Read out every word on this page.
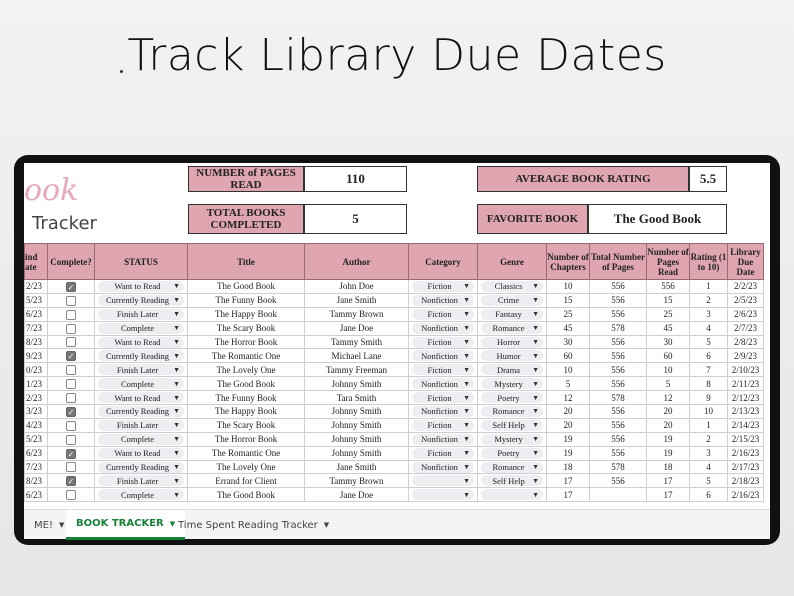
Track Library Due Dates
ook
Tracker
NUMBER of PAGES READ	110
TOTAL BOOKS COMPLETED	5
AVERAGE BOOK RATING	5.5
FAVORITE BOOK	The Good Book
ind
ate	Complete?	STATUS	Title	Author	Category	Genre	Number of Chapters	Total Number of Pages	Number of Pages Read	Rating (1 to 10)	Library Due Date
2/23	✓	Want to Read ▼	The Good Book	John Doe	Fiction ▼	Classics ▼	10	556	556	1	2/2/23
5/23		Currently Reading ▼	The Funny Book	Jane Smith	Nonfiction ▼	Crime ▼	15	556	15	2	2/5/23
6/23		Finish Later ▼	The Happy Book	Tammy Brown	Fiction ▼	Fantasy ▼	25	556	25	3	2/6/23
7/23		Complete ▼	The Scary Book	Jane Doe	Nonfiction ▼	Romance ▼	45	578	45	4	2/7/23
8/23		Want to Read ▼	The Horror Book	Tammy Smith	Fiction ▼	Horror ▼	30	556	30	5	2/8/23
9/23	✓	Currently Reading ▼	The Romantic One	Michael Lane	Nonfiction ▼	Humor ▼	60	556	60	6	2/9/23
0/23		Finish Later ▼	The Lovely One	Tammy Freeman	Fiction ▼	Drama ▼	10	556	10	7	2/10/23
1/23		Complete ▼	The Good Book	Johnny Smith	Nonfiction ▼	Mystery ▼	5	556	5	8	2/11/23
2/23		Want to Read ▼	The Funny Book	Tara Smith	Fiction ▼	Poetry ▼	12	578	12	9	2/12/23
3/23	✓	Currently Reading ▼	The Happy Book	Johnny Smith	Nonfiction ▼	Romance ▼	20	556	20	10	2/13/23
4/23		Finish Later ▼	The Scary Book	Johnny Smith	Fiction ▼	Self Help ▼	20	556	20	1	2/14/23
5/23		Complete ▼	The Horror Book	Johnny Smith	Nonfiction ▼	Mystery ▼	19	556	19	2	2/15/23
6/23	✓	Want to Read ▼	The Romantic One	Johnny Smith	Fiction ▼	Poetry ▼	19	556	19	3	2/16/23
7/23		Currently Reading ▼	The Lovely One	Jane Smith	Nonfiction ▼	Romance ▼	18	578	18	4	2/17/23
8/23	✓	Finish Later ▼	Errand for Client	Tammy Brown	▼	Self Help ▼	17	556	17	5	2/18/23
6/23		Complete ▼	The Good Book	Jane Doe	▼	▼	17		17	6	2/16/23
ME! ▼ BOOK TRACKER ▼ Time Spent Reading Tracker ▼
